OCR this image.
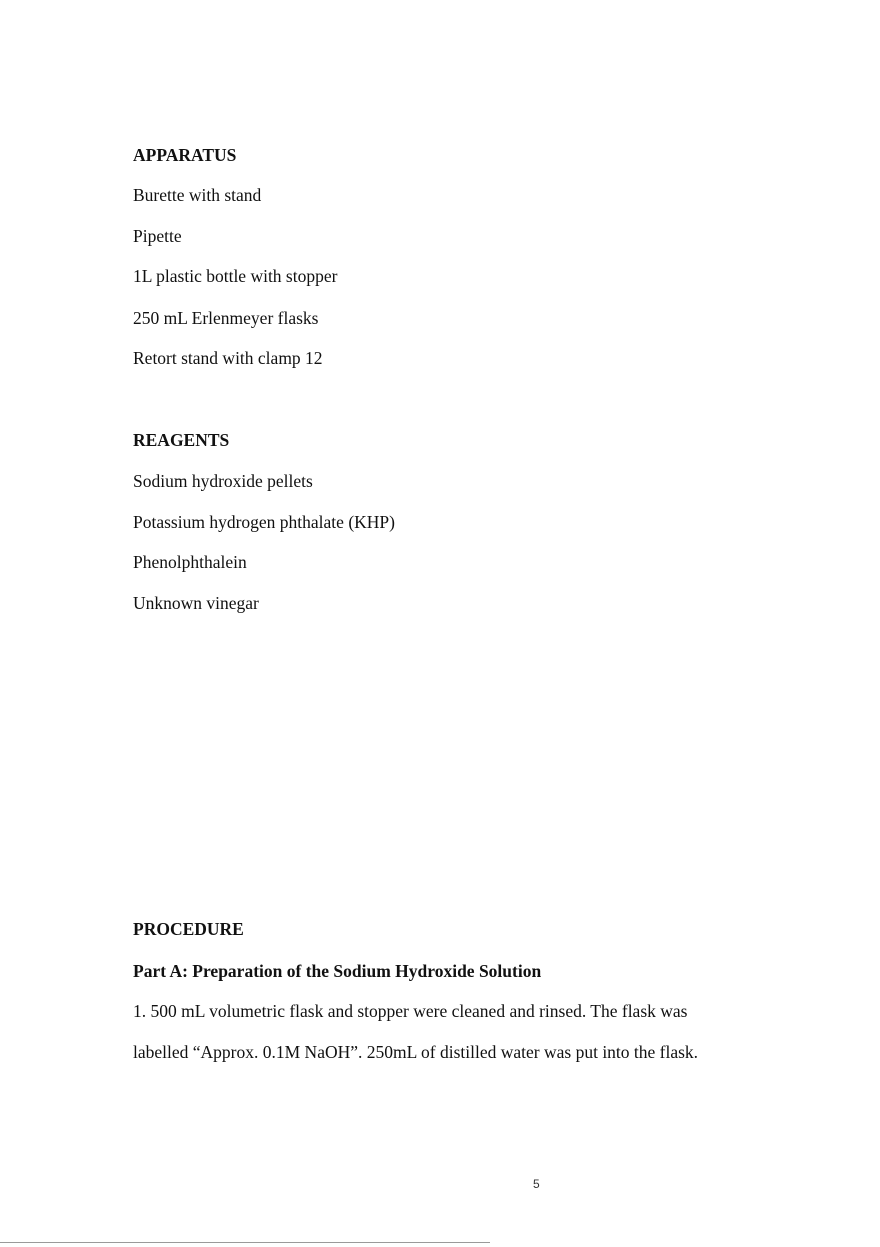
APPARATUS
Burette with stand
Pipette
1L plastic bottle with stopper
250 mL Erlenmeyer flasks
Retort stand with clamp 12
REAGENTS
Sodium hydroxide pellets
Potassium hydrogen phthalate (KHP)
Phenolphthalein
Unknown vinegar
PROCEDURE
Part A: Preparation of the Sodium Hydroxide Solution
1. 500 mL volumetric flask and stopper were cleaned and rinsed. The flask was
labelled “Approx. 0.1M NaOH”. 250mL of distilled water was put into the flask.
5
